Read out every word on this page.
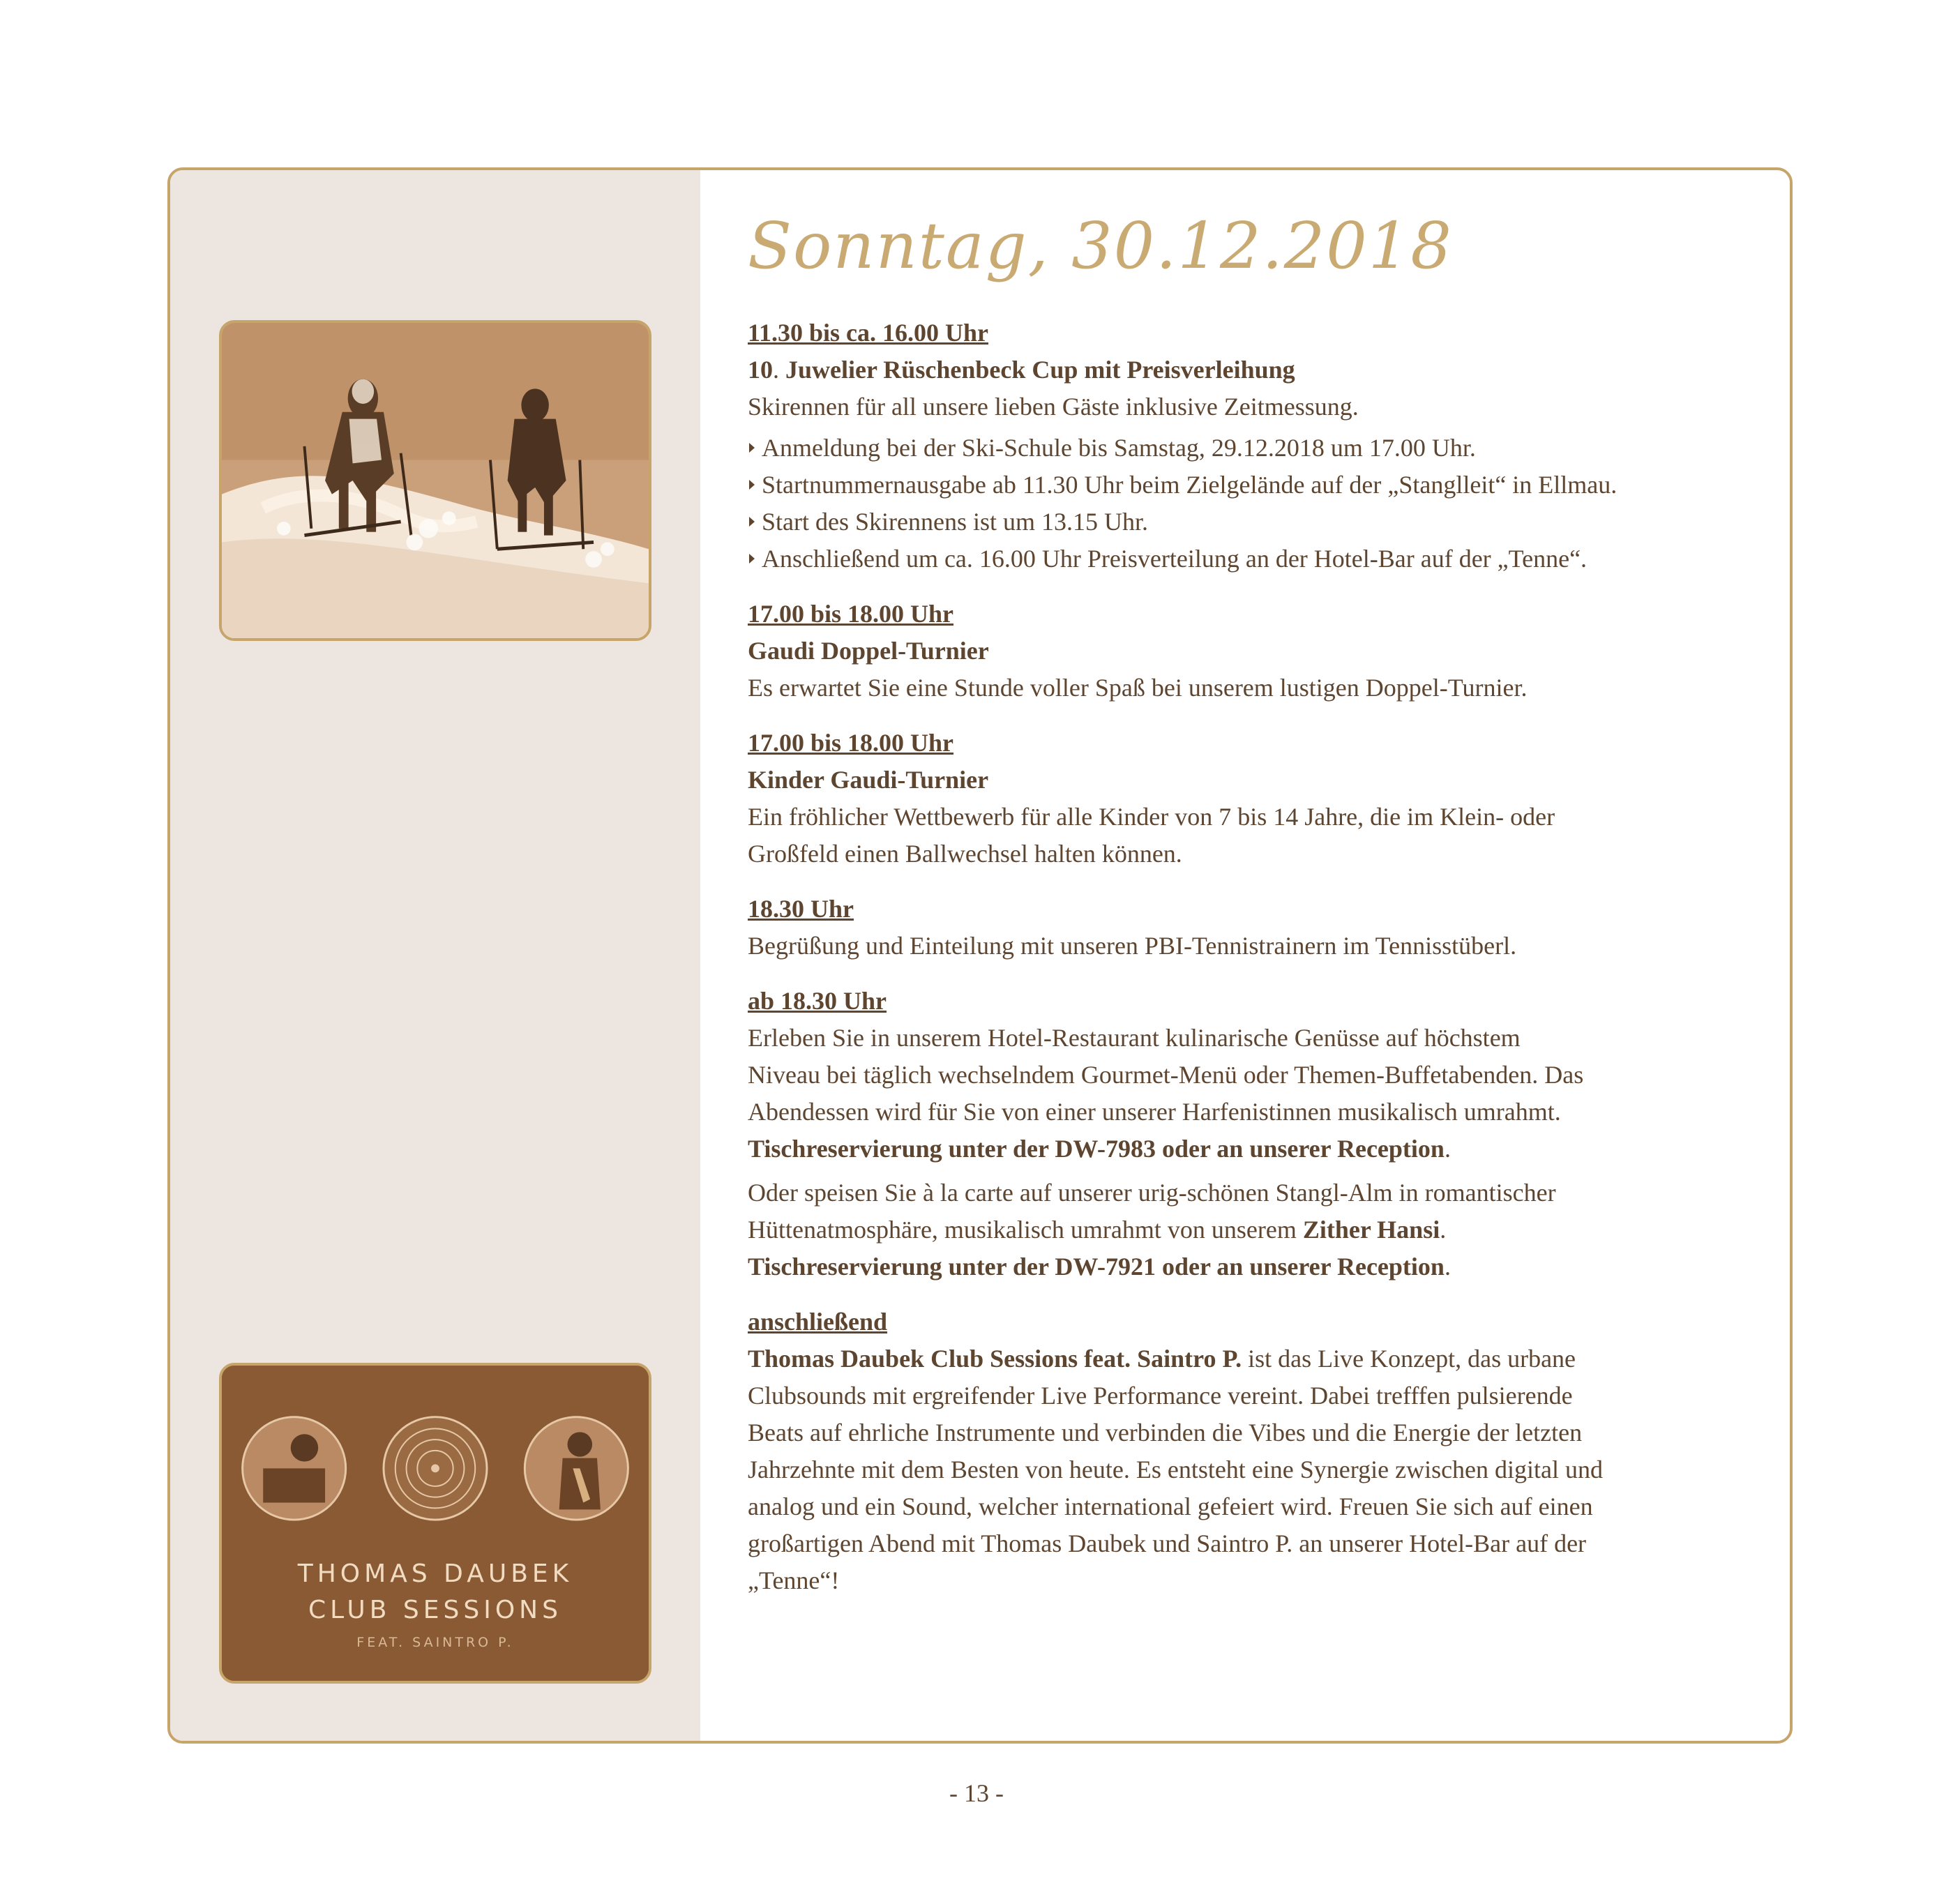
THOMAS DAUBEK
CLUB SESSIONS
FEAT. SAINTRO P.
Sonntag, 30.12.2018
11.30 bis ca. 16.00 Uhr
10. Juwelier Rüschenbeck Cup mit Preisverleihung

Skirennen für all unsere lieben Gäste inklusive Zeitmessung.

Anmeldung bei der Ski-Schule bis Samstag, 29.12.2018 um 17.00 Uhr.
Startnummernausgabe ab 11.30 Uhr beim Zielgelände auf der „Stanglleit“ in Ellmau.
Start des Skirennens ist um 13.15 Uhr.
Anschließend um ca. 16.00 Uhr Preisverteilung an der Hotel-Bar auf der „Tenne“.
17.00 bis 18.00 Uhr
Gaudi Doppel-Turnier

Es erwartet Sie eine Stunde voller Spaß bei unserem lustigen Doppel-Turnier.

17.00 bis 18.00 Uhr
Kinder Gaudi-Turnier

Ein fröhlicher Wettbewerb für alle Kinder von 7 bis 14 Jahre, die im Klein- oder

Großfeld einen Ballwechsel halten können.

18.30 Uhr

Begrüßung und Einteilung mit unseren PBI-Tennistrainern im Tennisstüberl.

ab 18.30 Uhr

Erleben Sie in unserem Hotel-Restaurant kulinarische Genüsse auf höchstem

Niveau bei täglich wechselndem Gourmet-Menü oder Themen-Buffetabenden. Das

Abendessen wird für Sie von einer unserer Harfenistinnen musikalisch umrahmt.

Tischreservierung unter der DW-7983 oder an unserer Reception.

Oder speisen Sie à la carte auf unserer urig-schönen Stangl-Alm in romantischer

Hüttenatmosphäre, musikalisch umrahmt von unserem Zither Hansi.

Tischreservierung unter der DW-7921 oder an unserer Reception.

anschließend

Thomas Daubek Club Sessions feat. Saintro P. ist das Live Konzept, das urbane

Clubsounds mit ergreifender Live Performance vereint. Dabei trefffen pulsierende

Beats auf ehrliche Instrumente und verbinden die Vibes und die Energie der letzten

Jahrzehnte mit dem Besten von heute. Es entsteht eine Synergie zwischen digital und

analog und ein Sound, welcher international gefeiert wird. Freuen Sie sich auf einen

großartigen Abend mit Thomas Daubek und Saintro P. an unserer Hotel-Bar auf der

„Tenne“!

- 13 -
